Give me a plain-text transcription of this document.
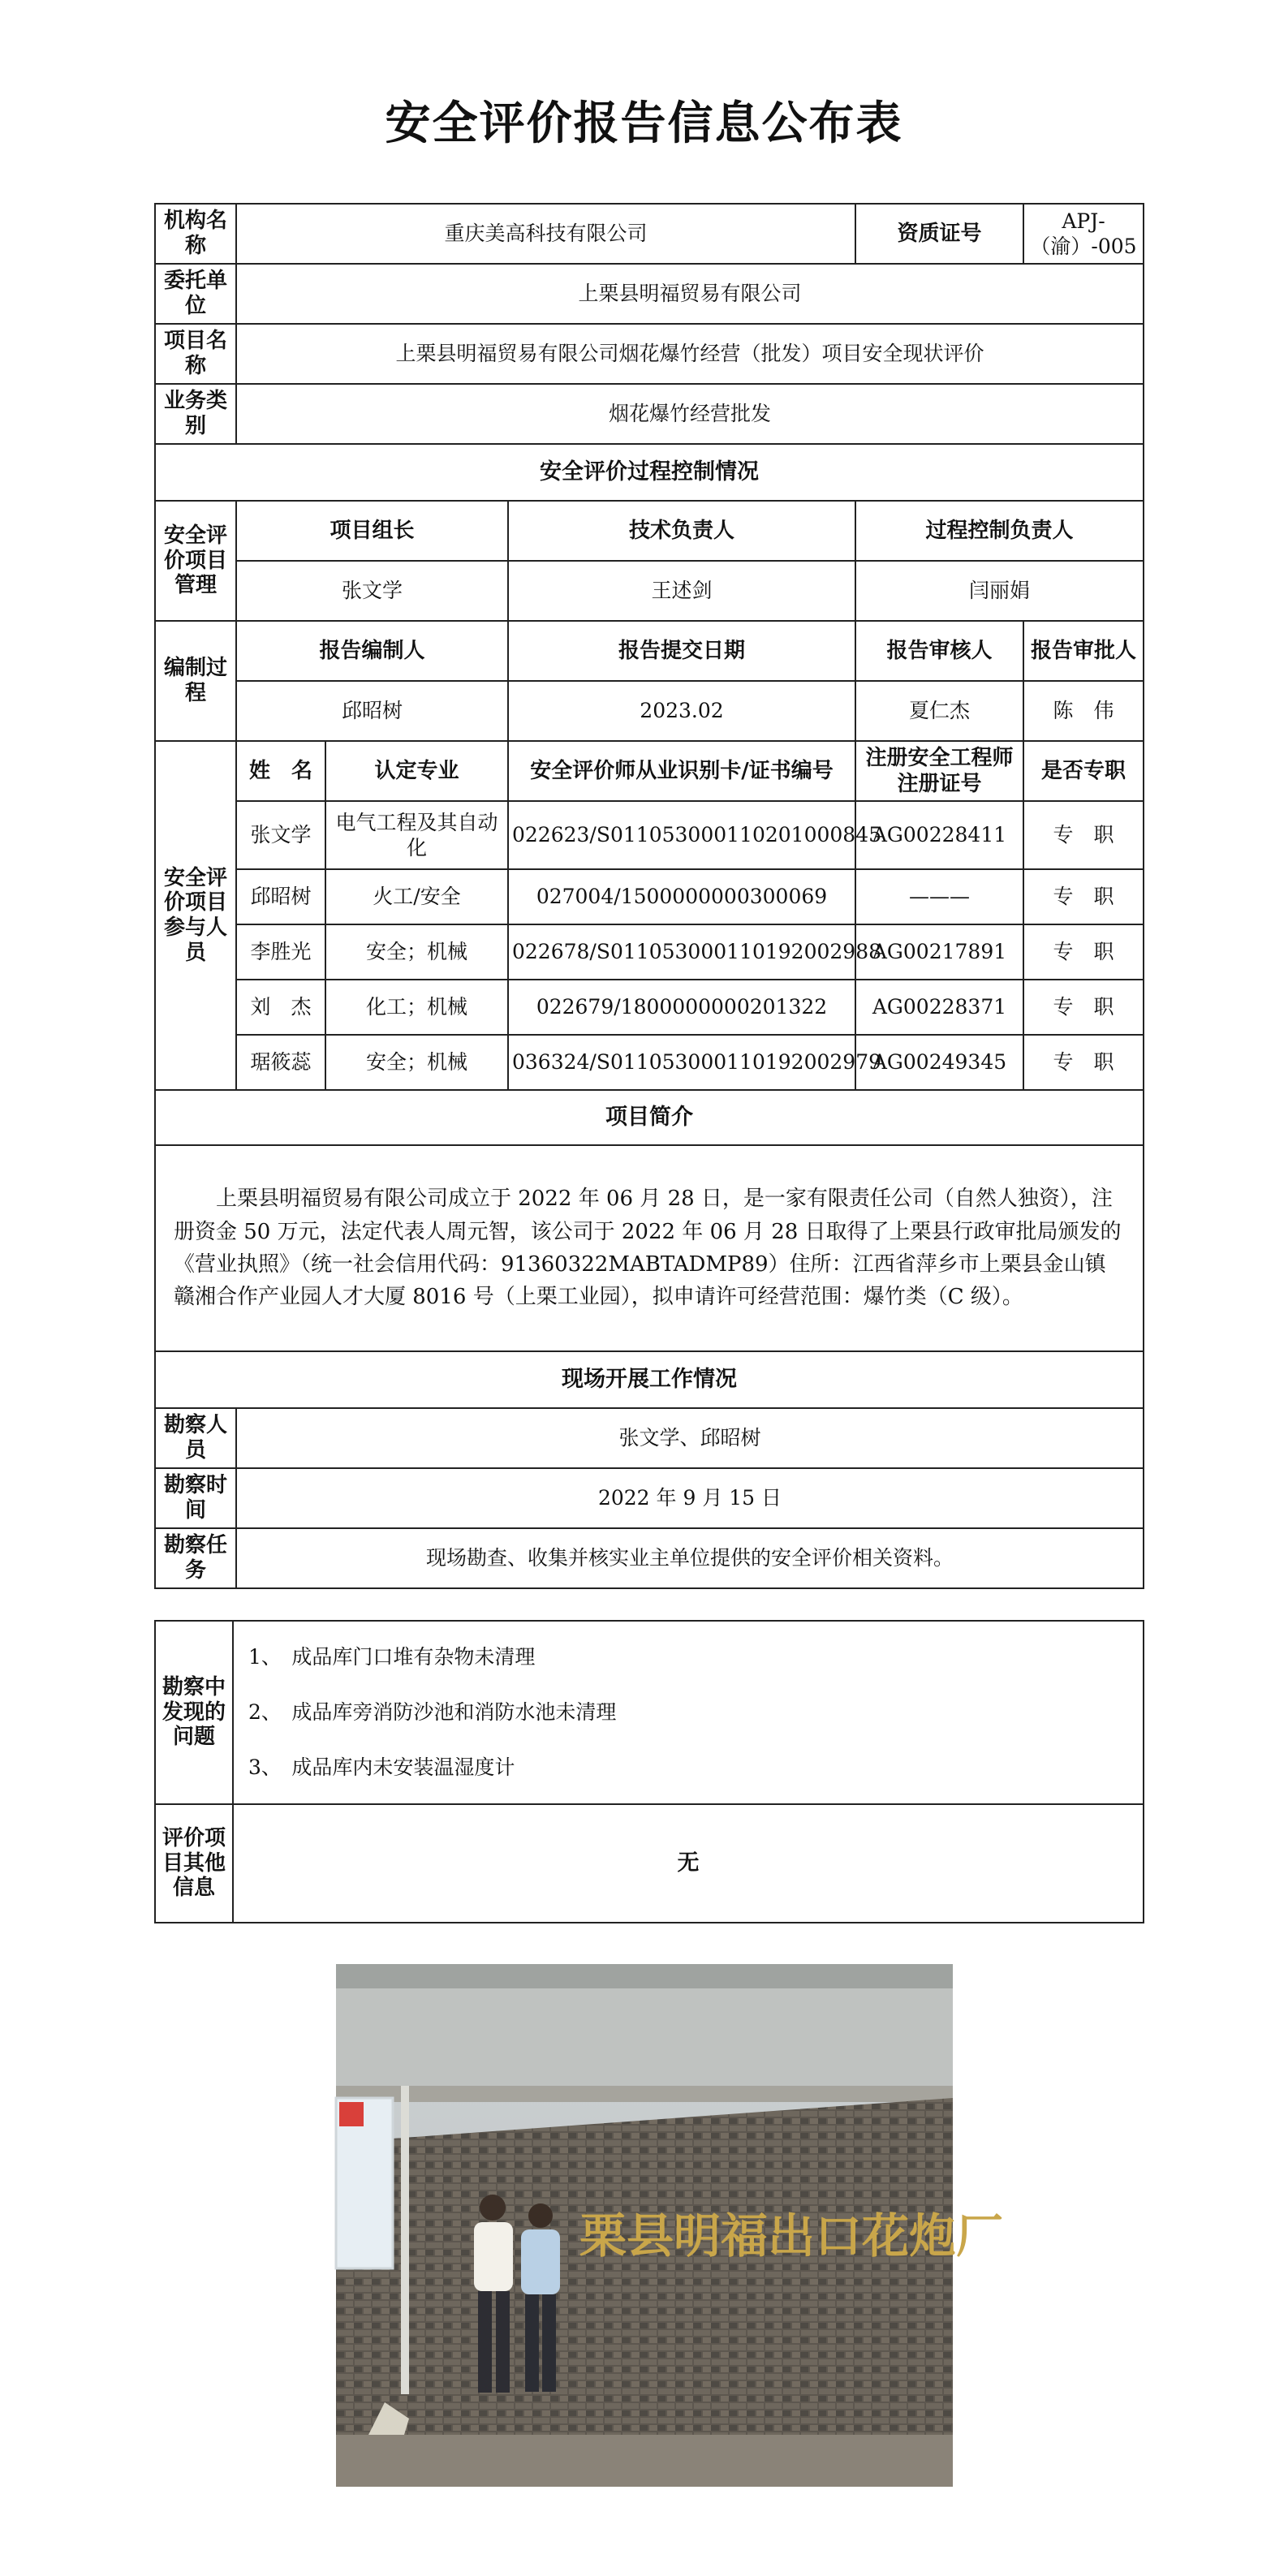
安全评价报告信息公布表
机构名称	重庆美高科技有限公司			资质证号	APJ-（渝）-005
委托单位	上栗县明福贸易有限公司				
项目名称	上栗县明福贸易有限公司烟花爆竹经营（批发）项目安全现状评价				
业务类别	烟花爆竹经营批发				
安全评价过程控制情况					
安全评价项目管理	项目组长		技术负责人	过程控制负责人	
	张文学		王述剑	闫丽娟	
编制过程	报告编制人		报告提交日期	报告审核人	报告审批人
	邱昭树		2023.02	夏仁杰	陈　伟
安全评价项目参与人员	姓　名	认定专业	安全评价师从业识别卡/证书编号	注册安全工程师注册证号	是否专职
	张文学	电气工程及其自动化	022623/S011053000110201000845	AG00228411	专　职
	邱昭树	火工/安全	027004/1500000000300069	———	专　职
	李胜光	安全；机械	022678/S011053000110192002988	AG00217891	专　职
	刘　杰	化工；机械	022679/1800000000201322	AG00228371	专　职
	琚筱蕊	安全；机械	036324/S011053000110192002979	AG00249345	专　职
项目简介					
上栗县明福贸易有限公司成立于 2022 年 06 月 28 日，是一家有限责任公司（自然人独资），注册资金 50 万元，法定代表人周元智，该公司于 2022 年 06 月 28 日取得了上栗县行政审批局颁发的《营业执照》（统一社会信用代码：91360322MABTADMP89）住所：江西省萍乡市上栗县金山镇赣湘合作产业园人才大厦 8016 号（上栗工业园），拟申请许可经营范围：爆竹类（C 级）。					
现场开展工作情况					
勘察人员	张文学、邱昭树				
勘察时间	2022 年 9 月 15 日				
勘察任务	现场勘查、收集并核实业主单位提供的安全评价相关资料。				
勘察中发现的问题	1、　成品库门口堆有杂物未清理
2、　成品库旁消防沙池和消防水池未清理
3、　成品库内未安装温湿度计

评价项目其他信息	无
栗县明福出口花炮厂
